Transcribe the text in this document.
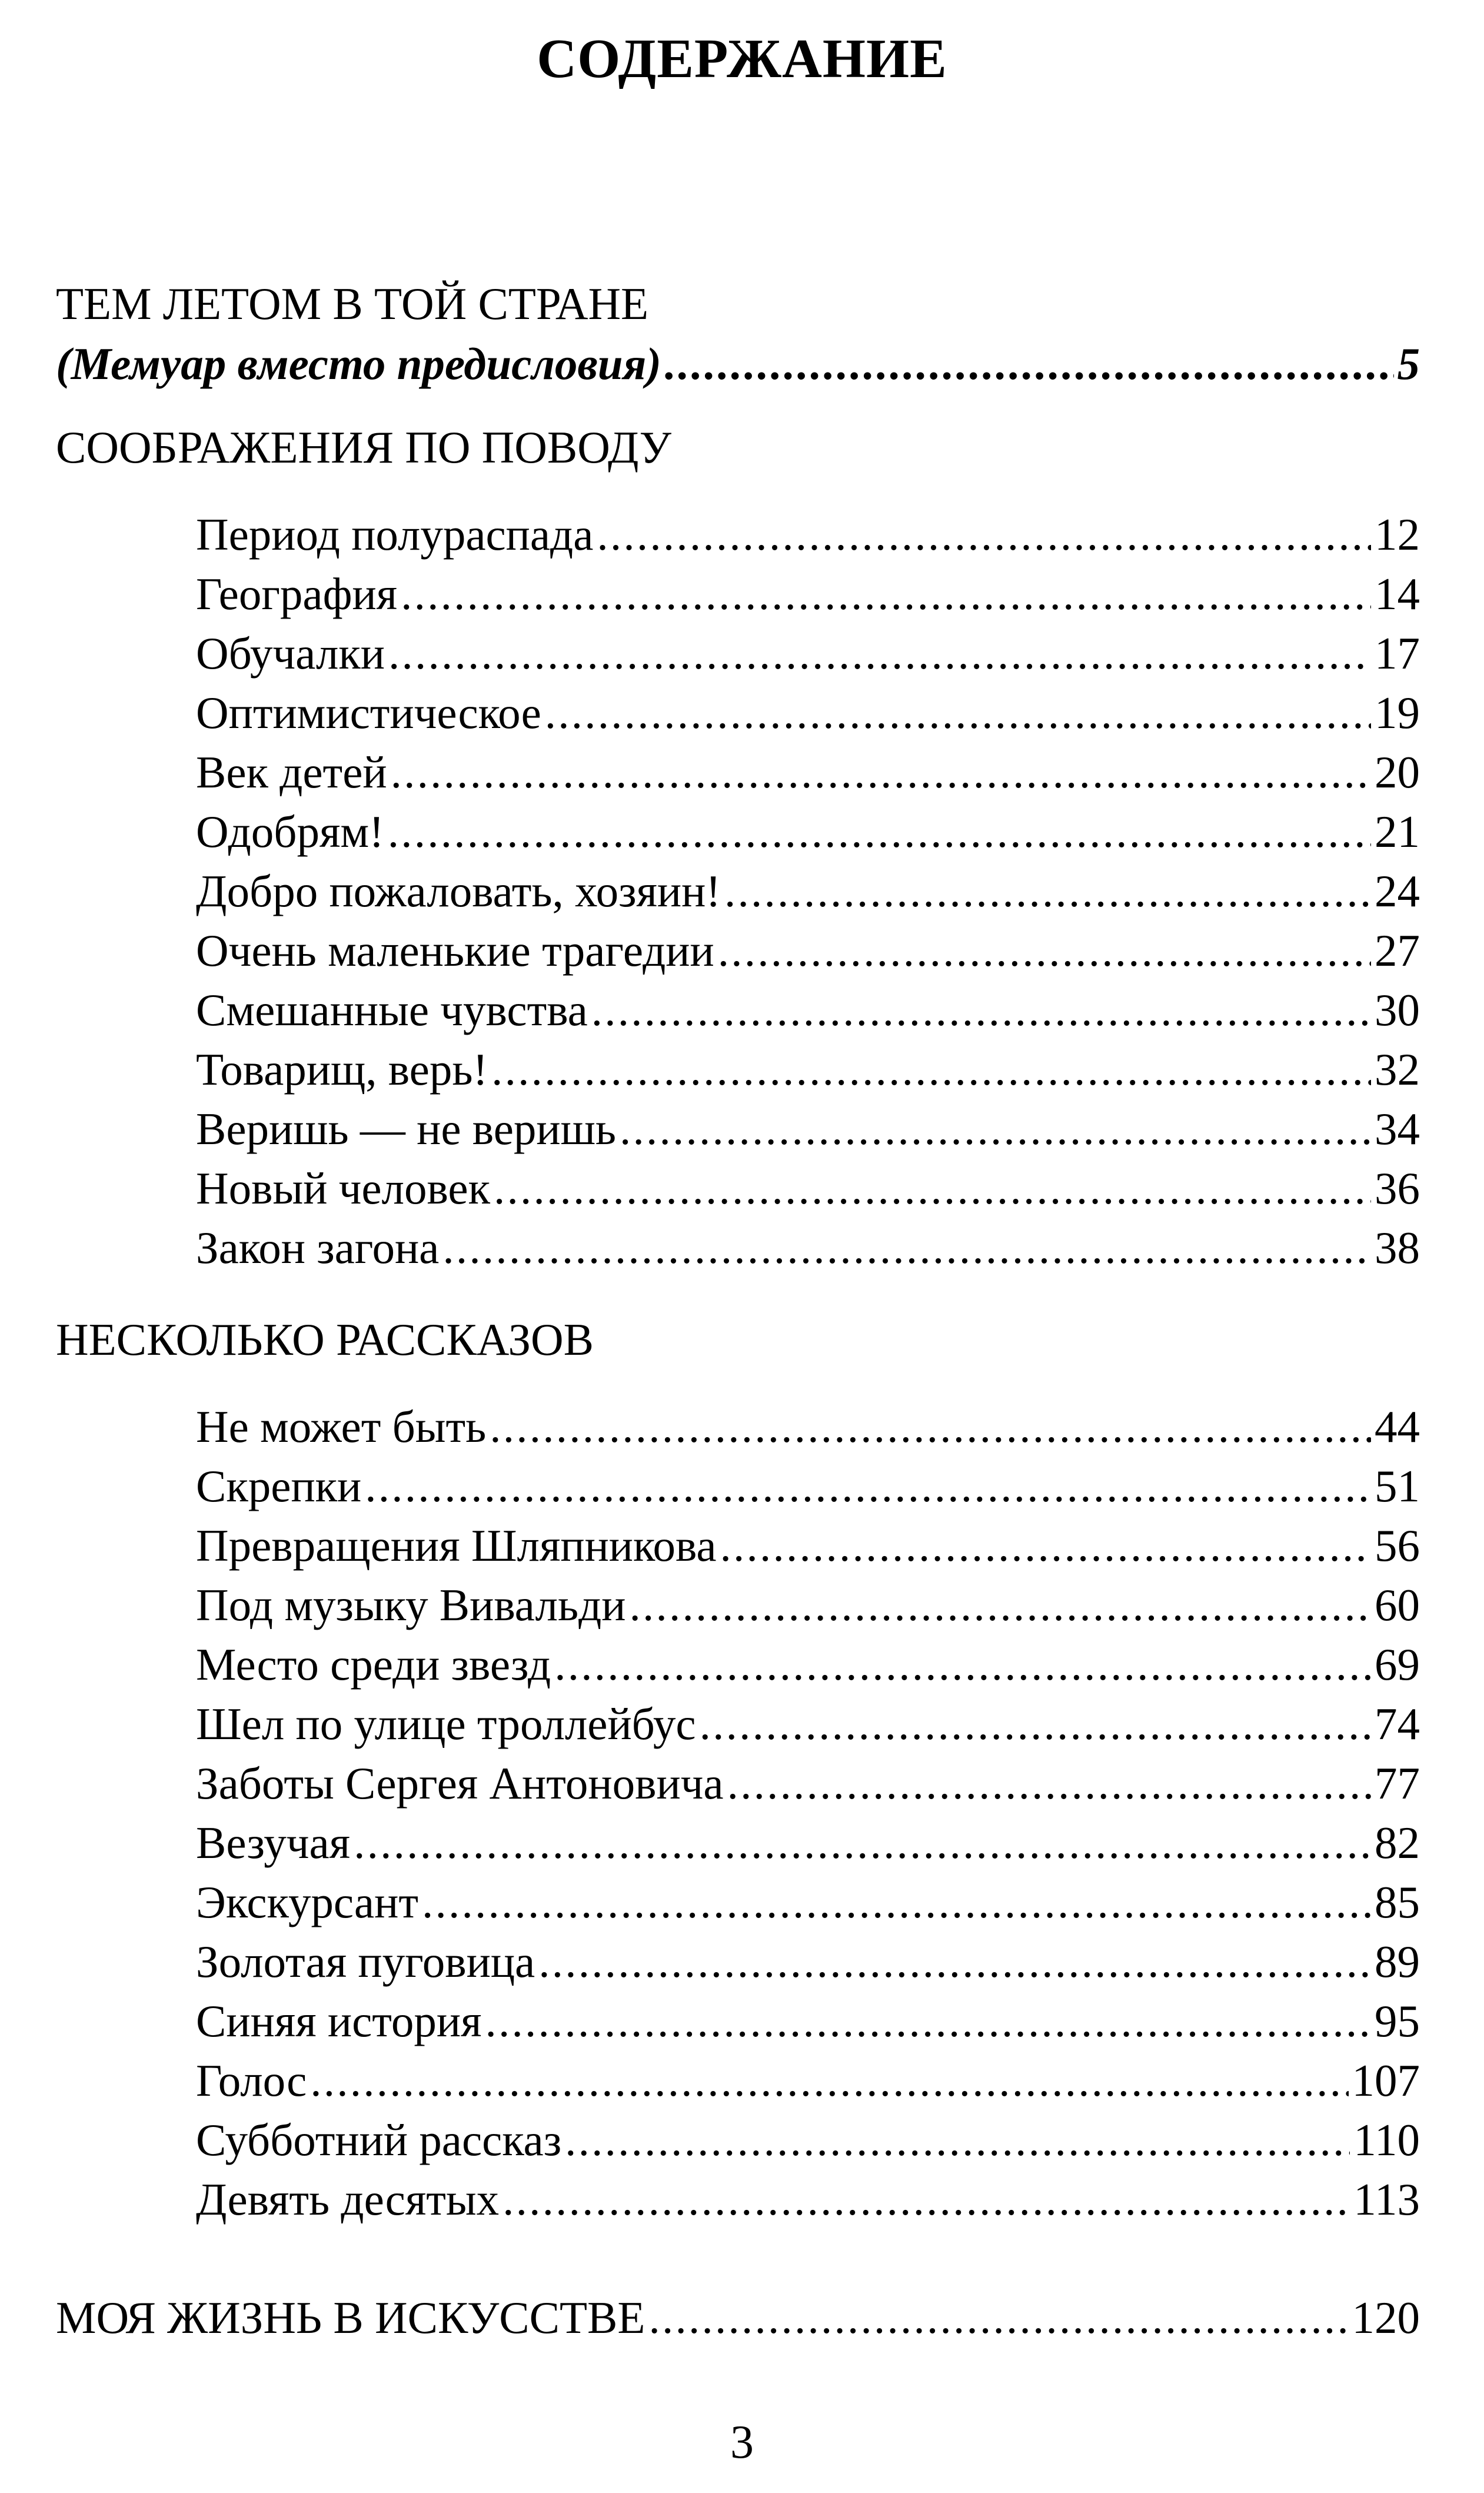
СОДЕРЖАНИЕ
ТЕМ ЛЕТОМ В ТОЙ СТРАНЕ
(Мемуар вместо предисловия) . . .	5
СООБРАЖЕНИЯ ПО ПОВОДУ
Период полураспада . . .	12
География . . .	14
Обучалки . . .	17
Оптимистическое . . .	19
Век детей . . .	20
Одобрям! . . .	21
Добро пожаловать, хозяин! . . .	24
Очень маленькие трагедии . . .	27
Смешанные чувства . . .	30
Товарищ, верь! . . .	32
Веришь — не веришь . . .	34
Новый человек . . .	36
Закон загона . . .	38
НЕСКОЛЬКО РАССКАЗОВ
Не может быть . . .	44
Скрепки . . .	51
Превращения Шляпникова . . .	56
Под музыку Вивальди . . .	60
Место среди звезд . . .	69
Шел по улице троллейбус . . .	74
Заботы Сергея Антоновича . . .	77
Везучая . . .	82
Экскурсант . . .	85
Золотая пуговица . . .	89
Синяя история . . .	95
Голос . . .	107
Субботний рассказ . . .	110
Девять десятых . . .	113
МОЯ ЖИЗНЬ В ИСКУССТВЕ . . .	120
3
